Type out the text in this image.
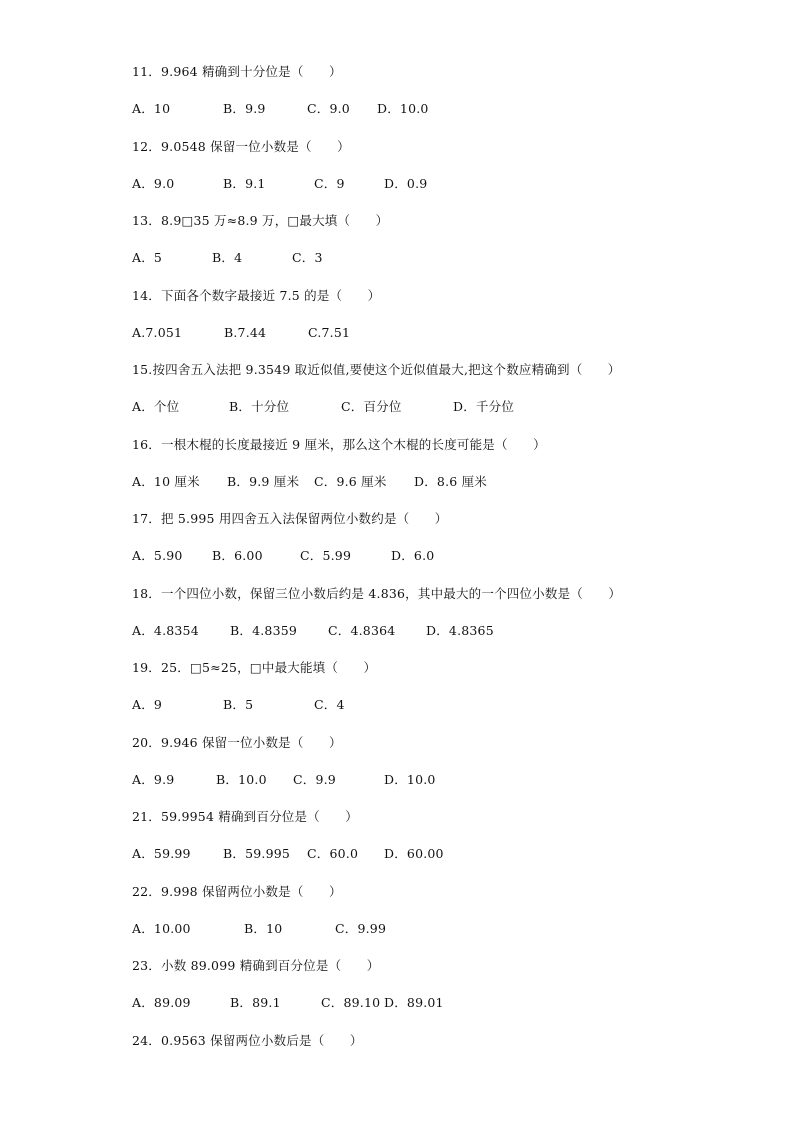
11．9.964 精确到十分位是（　　）
A．10	B．9.9	C．9.0 D．10.0
12．9.0548 保留一位小数是（　　）
A．9.0	B．9.1	C．9	D．0.9
13．8.9□35 万≈8.9 万，□最大填（　　）
A．5	B．4	C．3
14．下面各个数字最接近 7.5 的是（　　）
A.7.051	B.7.44	C.7.51
15.按四舍五入法把 9.3549 取近似值,要使这个近似值最大,把这个数应精确到（　　）
A．个位	B．十分位	C．百分位	D．千分位
16．一根木棍的长度最接近 9 厘米，那么这个木棍的长度可能是（　　）
A．10 厘米 B．9.9 厘米 C．9.6 厘米 D．8.6 厘米
17．把 5.995 用四舍五入法保留两位小数约是（　　）
A．5.90 B．6.00	C．5.99	D．6.0
18．一个四位小数，保留三位小数后约是 4.836，其中最大的一个四位小数是（　　）
A．4.8354 B．4.8359 C．4.8364 D．4.8365
19．25．□5≈25，□中最大能填（　　）
A．9	B．5	C．4
20．9.946 保留一位小数是（　　）
A．9.9	B．10.0 C．9.9	D．10.0
21．59.9954 精确到百分位是（　　）
A．59.99	B．59.995 C．60.0 D．60.00
22．9.998 保留两位小数是（　　）
A．10.00	B．10	C．9.99
23．小数 89.099 精确到百分位是（　　）
A．89.09	B．89.1	C．89.10 D．89.01
24．0.9563 保留两位小数后是（　　）
